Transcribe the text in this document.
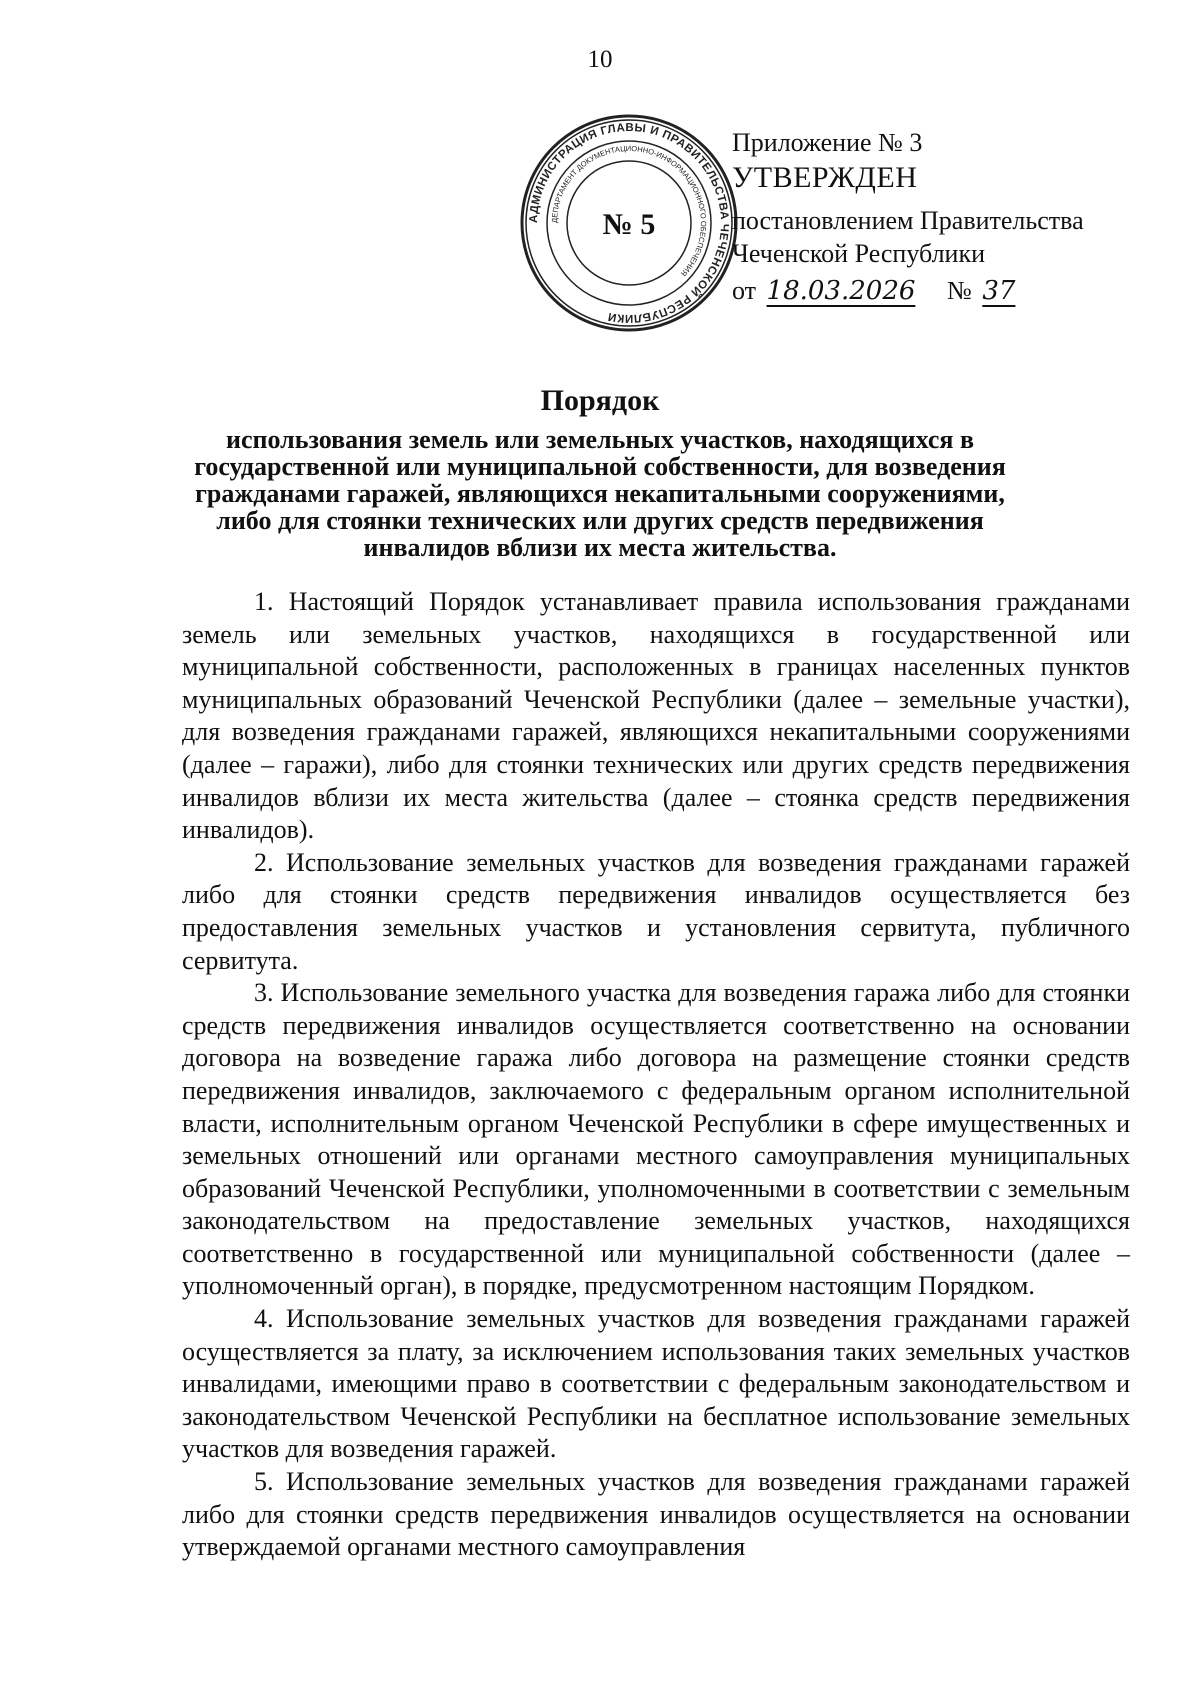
10
АДМИНИСТРАЦИЯ ГЛАВЫ И ПРАВИТЕЛЬСТВА ЧЕЧЕНСКОЙ РЕСПУБЛИКИ
ДЕПАРТАМЕНТ ДОКУМЕНТАЦИОННО-ИНФОРМАЦИОННОГО ОБЕСПЕЧЕНИЯ
№ 5
Приложение № 3
УТВЕРЖДЕН
постановлением Правительства
Чеченской Республики
от 18.03.2026 № 37
Порядок
использования земель или земельных участков, находящихся в государственной или муниципальной собственности, для возведения гражданами гаражей, являющихся некапитальными сооружениями, либо для стоянки технических или других средств передвижения инвалидов вблизи их места жительства.

1. Настоящий Порядок устанавливает правила использования гражданами земель или земельных участков, находящихся в государственной или муниципальной собственности, расположенных в границах населенных пунктов муниципальных образований Чеченской Республики (далее – земельные участки), для возведения гражданами гаражей, являющихся некапитальными сооружениями (далее – гаражи), либо для стоянки технических или других средств передвижения инвалидов вблизи их места жительства (далее – стоянка средств передвижения инвалидов).

2. Использование земельных участков для возведения гражданами гаражей либо для стоянки средств передвижения инвалидов осуществляется без предоставления земельных участков и установления сервитута, публичного сервитута.

3. Использование земельного участка для возведения гаража либо для стоянки средств передвижения инвалидов осуществляется соответственно на основании договора на возведение гаража либо договора на размещение стоянки средств передвижения инвалидов, заключаемого с федеральным органом исполнительной власти, исполнительным органом Чеченской Республики в сфере имущественных и земельных отношений или органами местного самоуправления муниципальных образований Чеченской Республики, уполномоченными в соответствии с земельным законодательством на предоставление земельных участков, находящихся соответственно в государственной или муниципальной собственности (далее – уполномоченный орган), в порядке, предусмотренном настоящим Порядком.

4. Использование земельных участков для возведения гражданами гаражей осуществляется за плату, за исключением использования таких земельных участков инвалидами, имеющими право в соответствии с федеральным законодательством и законодательством Чеченской Республики на бесплатное использование земельных участков для возведения гаражей.

5. Использование земельных участков для возведения гражданами гаражей либо для стоянки средств передвижения инвалидов осуществляется на основании утверждаемой органами местного самоуправления
